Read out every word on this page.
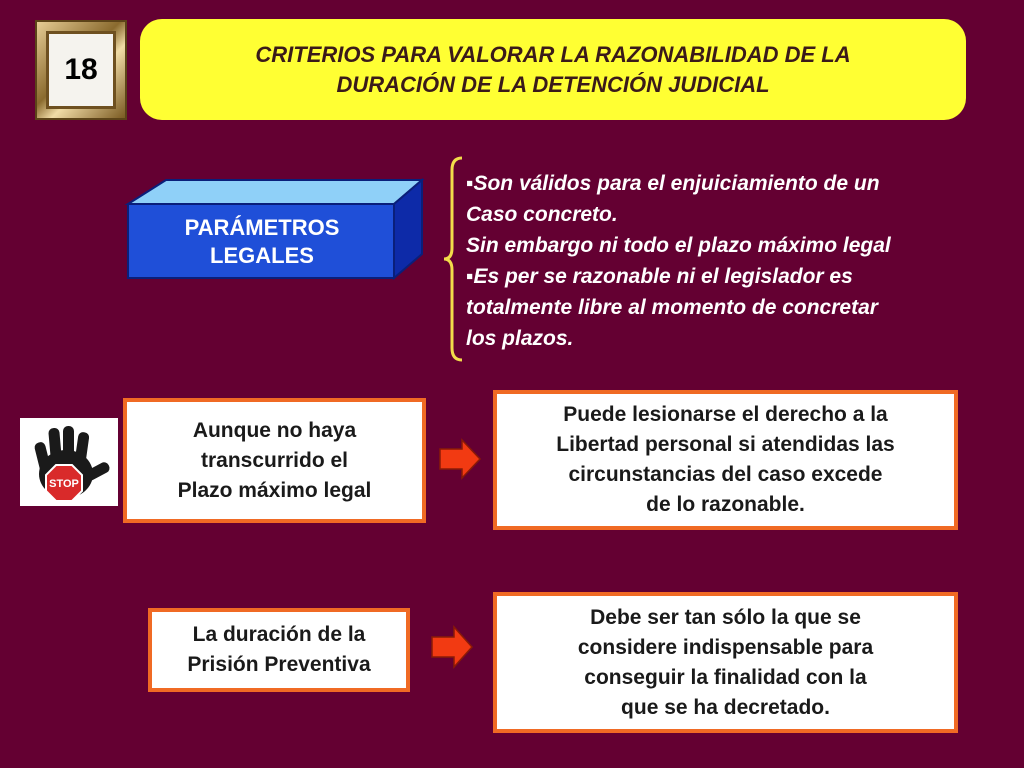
18	CRITERIOS PARA VALORAR LA RAZONABILIDAD DE LA
DURACIÓN DE LA DETENCIÓN JUDICIAL
PARÁMETROS
LEGALES
▪Son válidos para el enjuiciamiento de un
Caso concreto.
Sin embargo ni todo el plazo máximo legal
▪Es per se razonable ni el legislador es
totalmente libre al momento de concretar
los plazos.
STOP
Aunque no haya
transcurrido el
Plazo máximo legal
Puede lesionarse el derecho a la
Libertad personal si atendidas las
circunstancias del caso excede
de lo razonable.
La duración de la
Prisión Preventiva
Debe ser tan sólo la que se
considere indispensable para
conseguir la finalidad con la
que se ha decretado.
